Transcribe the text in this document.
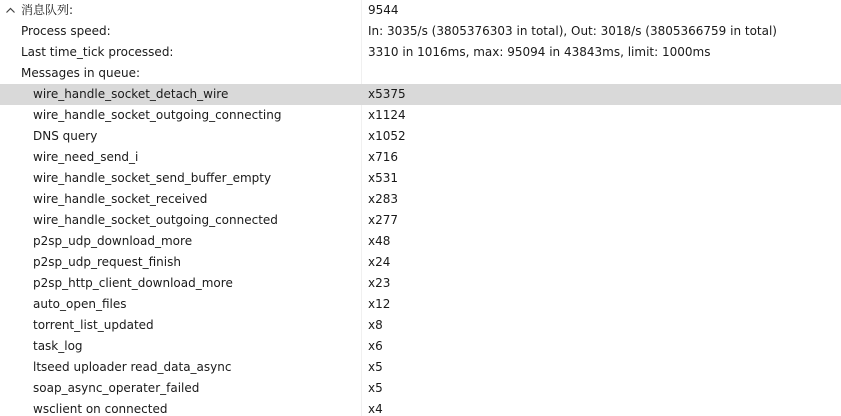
消息队列:	9544
Process speed:	In: 3035/s (3805376303 in total), Out: 3018/s (3805366759 in total)
Last time_tick processed:	3310 in 1016ms, max: 95094 in 43843ms, limit: 1000ms
Messages in queue:
wire_handle_socket_detach_wire	x5375
wire_handle_socket_outgoing_connecting	x1124
DNS query	x1052
wire_need_send_i	x716
wire_handle_socket_send_buffer_empty	x531
wire_handle_socket_received	x283
wire_handle_socket_outgoing_connected	x277
p2sp_udp_download_more	x48
p2sp_udp_request_finish	x24
p2sp_http_client_download_more	x23
auto_open_files	x12
torrent_list_updated	x8
task_log	x6
ltseed uploader read_data_async	x5
soap_async_operater_failed	x5
wsclient on connected	x4
